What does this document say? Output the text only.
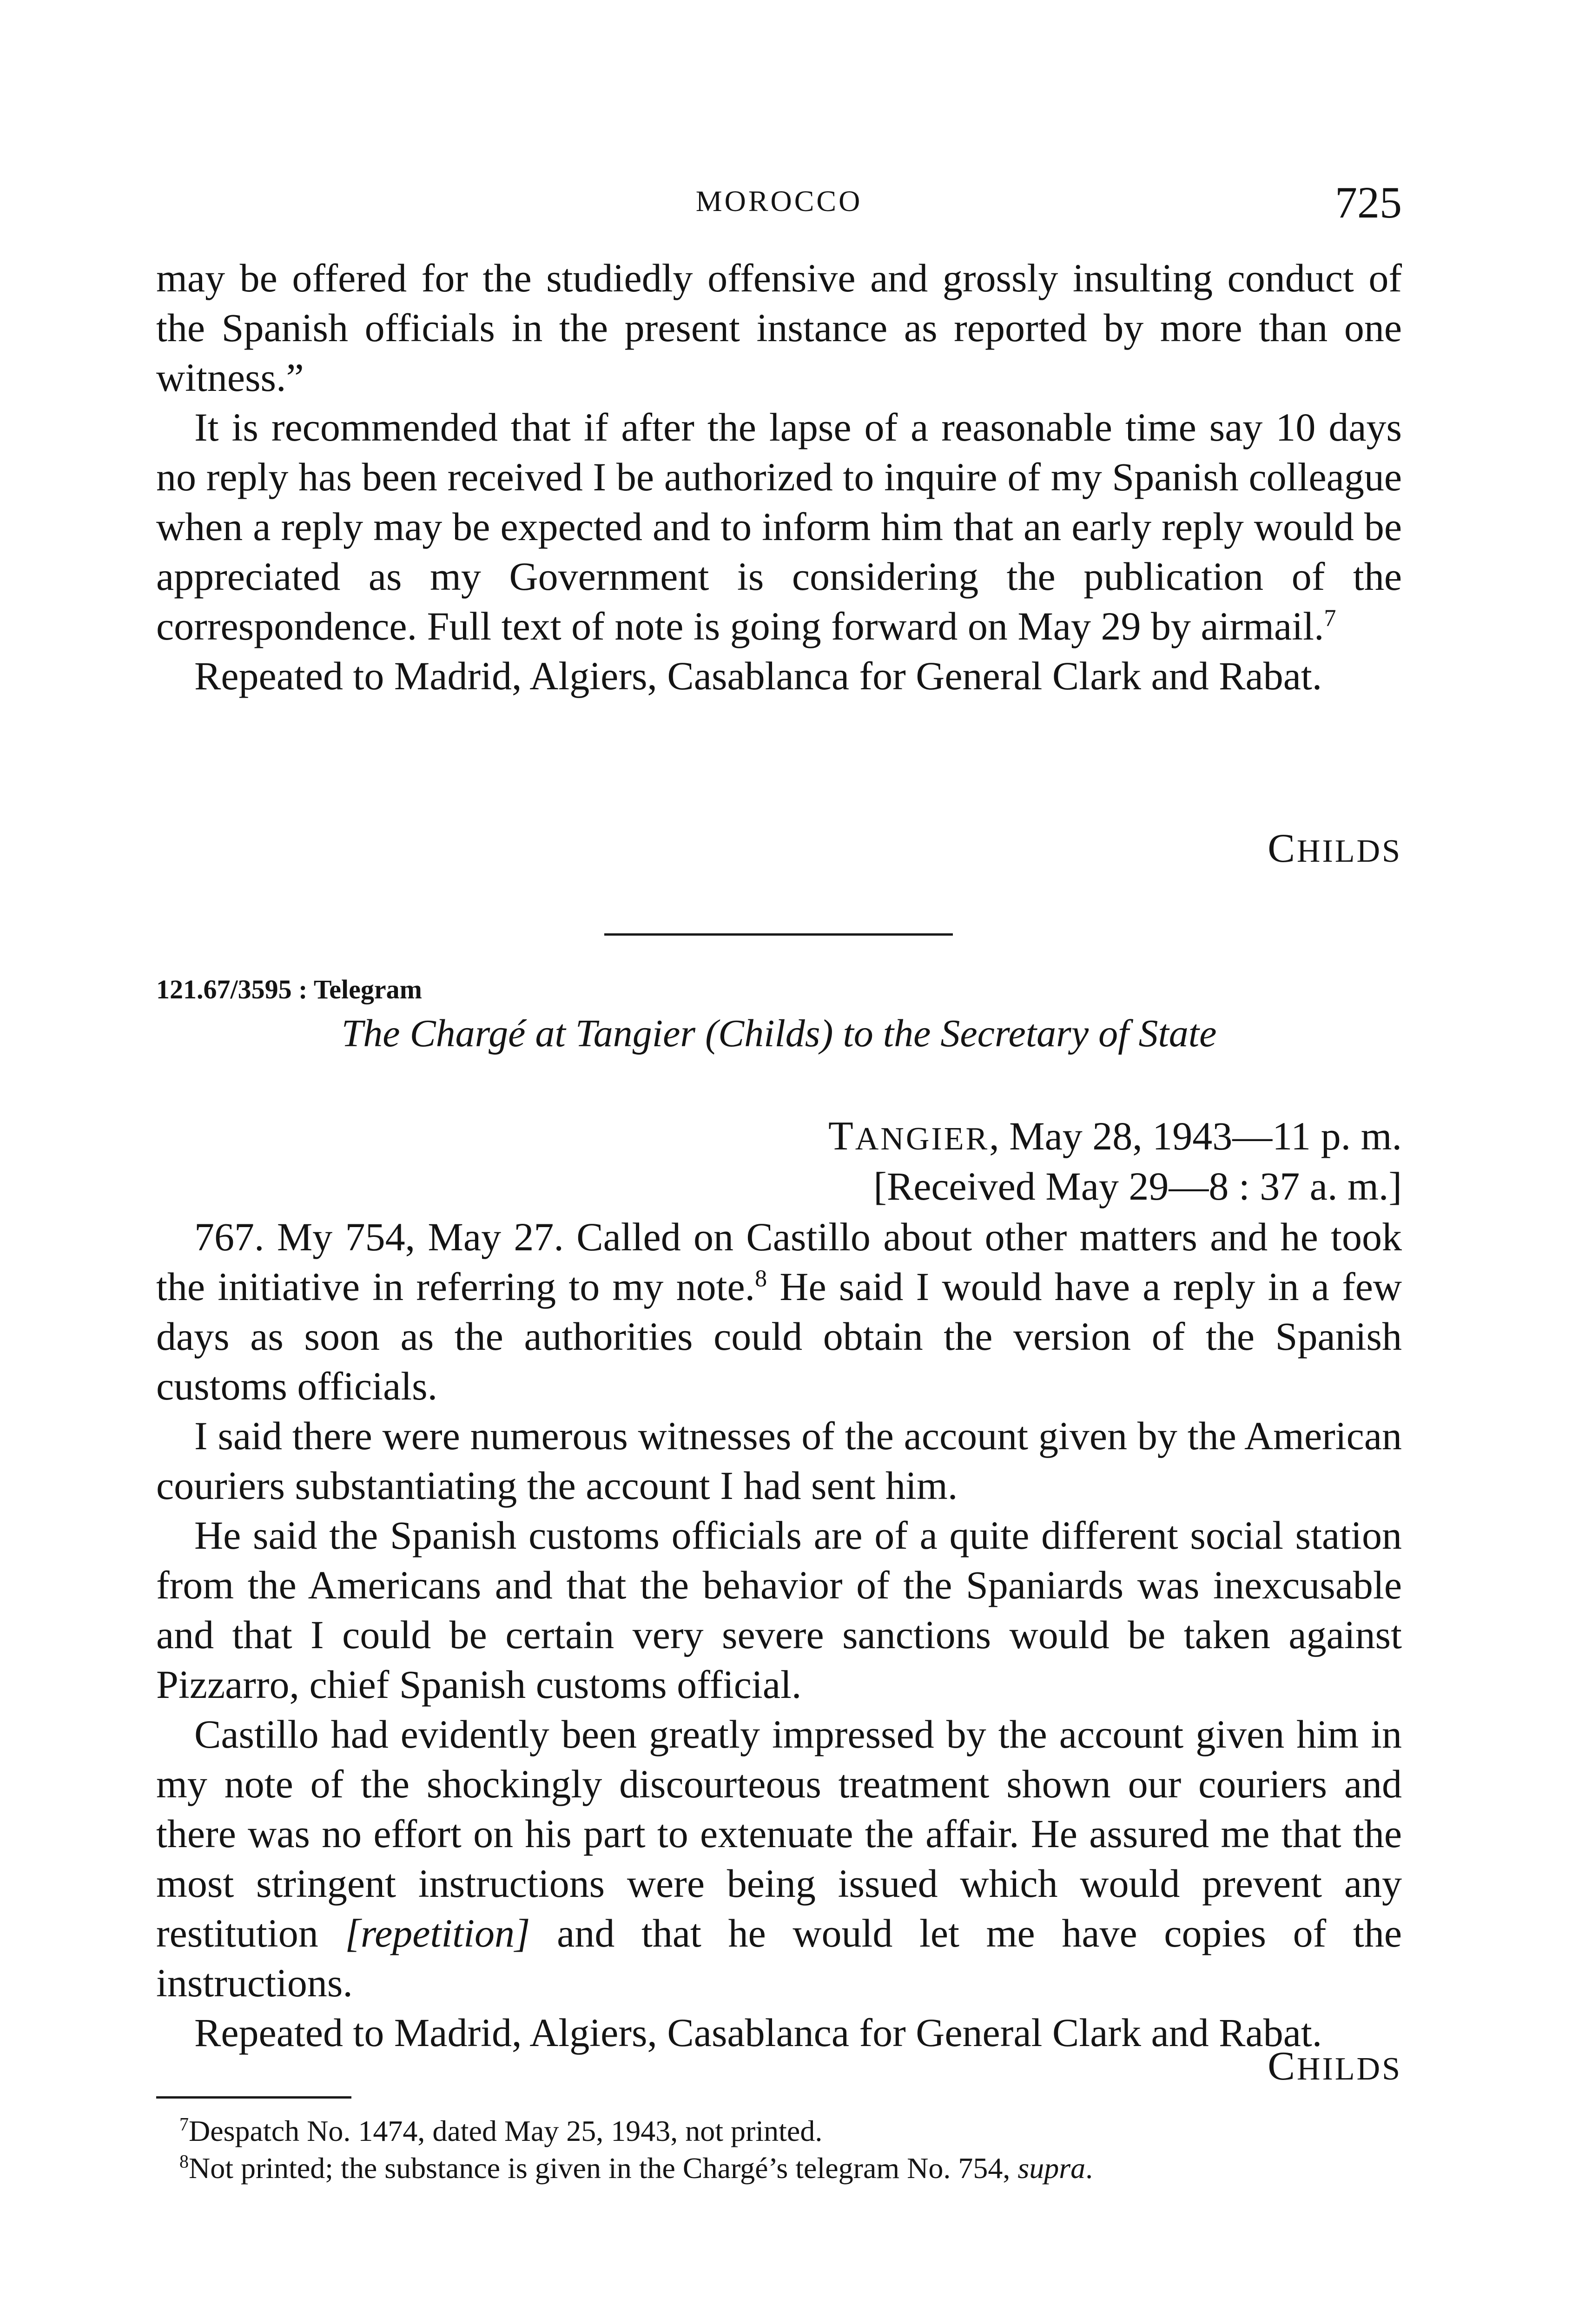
MOROCCO	725

may be offered for the studiedly offensive and grossly insulting conduct of the Spanish officials in the present instance as reported by more than one witness.”

It is recommended that if after the lapse of a reasonable time say 10 days no reply has been received I be authorized to inquire of my Spanish colleague when a reply may be expected and to inform him that an early reply would be appreciated as my Government is considering the publication of the correspondence. Full text of note is going forward on May 29 by airmail.$^7$

Repeated to Madrid, Algiers, Casablanca for General Clark and Rabat.

CHILDS
121.67/3595 : Telegram
The Chargé at Tangier (Childs) to the Secretary of State
TANGIER, May 28, 1943—11 p. m.
[Received May 29—8 : 37 a. m.]

767. My 754, May 27. Called on Castillo about other matters and he took the initiative in referring to my note.$^8$ He said I would have a reply in a few days as soon as the authorities could obtain the version of the Spanish customs officials.

I said there were numerous witnesses of the account given by the American couriers substantiating the account I had sent him.

He said the Spanish customs officials are of a quite different social station from the Americans and that the behavior of the Spaniards was inexcusable and that I could be certain very severe sanctions would be taken against Pizzarro, chief Spanish customs official.

Castillo had evidently been greatly impressed by the account given him in my note of the shockingly discourteous treatment shown our couriers and there was no effort on his part to extenuate the affair. He assured me that the most stringent instructions were being issued which would prevent any restitution [repetition] and that he would let me have copies of the instructions.

Repeated to Madrid, Algiers, Casablanca for General Clark and Rabat.

CHILDS

$^7$Despatch No. 1474, dated May 25, 1943, not printed.

$^8$Not printed; the substance is given in the Chargé’s telegram No. 754, supra.
